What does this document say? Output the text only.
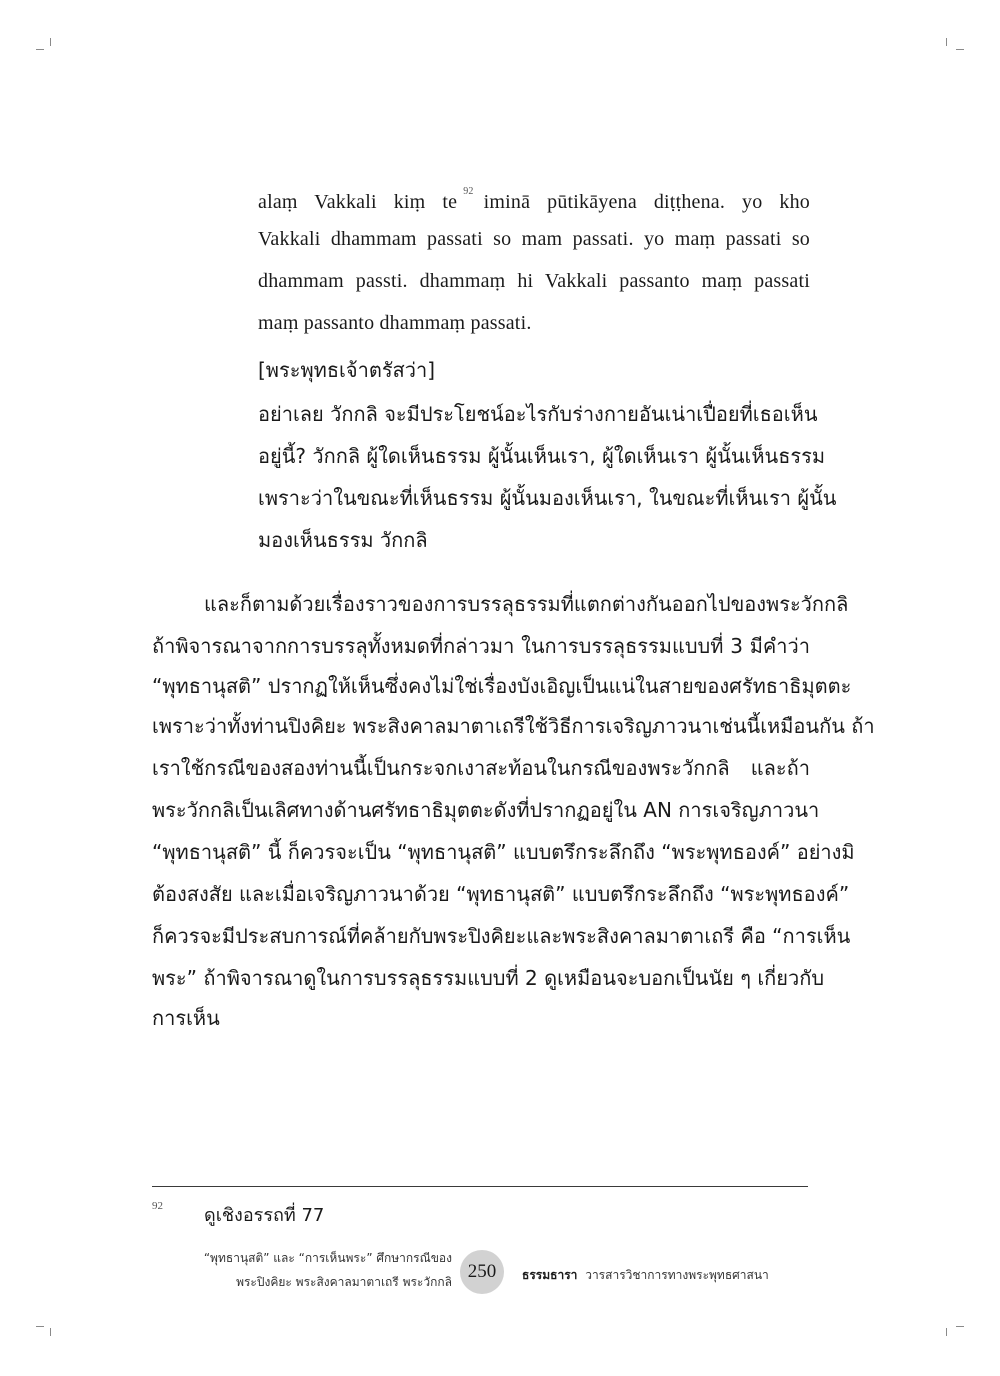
alaṃ Vakkali kiṃ te $^{92}$ iminā pūtikāyena diṭṭhena. yo kho
Vakkali dhammam passati so mam passati. yo maṃ passati so
dhammam passti. dhammaṃ hi Vakkali passanto maṃ passati
maṃ passanto dhammaṃ passati.
[พระพุทธเจ้าตรัสว่า]
อย่าเลย วักกลิ จะมีประโยชน์อะไรกับร่างกายอันเน่าเปื่อยที่เธอเห็น
อยู่นี้? วักกลิ ผู้ใดเห็นธรรม ผู้นั้นเห็นเรา, ผู้ใดเห็นเรา ผู้นั้นเห็นธรรม
เพราะว่าในขณะที่เห็นธรรม ผู้นั้นมองเห็นเรา, ในขณะที่เห็นเรา ผู้นั้น
มองเห็นธรรม วักกลิ
และก็ตามด้วยเรื่องราวของการบรรลุธรรมที่แตกต่างกันออกไปของพระวักกลิ
ถ้าพิจารณาจากการบรรลุทั้งหมดที่กล่าวมา ในการบรรลุธรรมแบบที่ 3 มีคำว่า
“พุทธานุสติ” ปรากฏให้เห็นซึ่งคงไม่ใช่เรื่องบังเอิญเป็นแน่ในสายของศรัทธาธิมุตตะ
เพราะว่าทั้งท่านปิงคิยะ พระสิงคาลมาตาเถรีใช้วิธีการเจริญภาวนาเช่นนี้เหมือนกัน ถ้า
เราใช้กรณีของสองท่านนี้เป็นกระจกเงาสะท้อนในกรณีของพระวักกลิ และถ้า
พระวักกลิเป็นเลิศทางด้านศรัทธาธิมุตตะดังที่ปรากฏอยู่ใน AN การเจริญภาวนา
“พุทธานุสติ” นี้ ก็ควรจะเป็น “พุทธานุสติ” แบบตรึกระลึกถึง “พระพุทธองค์” อย่างมิ
ต้องสงสัย และเมื่อเจริญภาวนาด้วย “พุทธานุสติ” แบบตรึกระลึกถึง “พระพุทธองค์”
ก็ควรจะมีประสบการณ์ที่คล้ายกับพระปิงคิยะและพระสิงคาลมาตาเถรี คือ “การเห็น
พระ” ถ้าพิจารณาดูในการบรรลุธรรมแบบที่ 2 ดูเหมือนจะบอกเป็นนัย ๆ เกี่ยวกับ
การเห็น
92 ดูเชิงอรรถที่ 77
“พุทธานุสติ” และ “การเห็นพระ” ศึกษากรณีของ
พระปิงคิยะ พระสิงคาลมาตาเถรี พระวักกลิ 250	ธรรมธารา วารสารวิชาการทางพระพุทธศาสนา
